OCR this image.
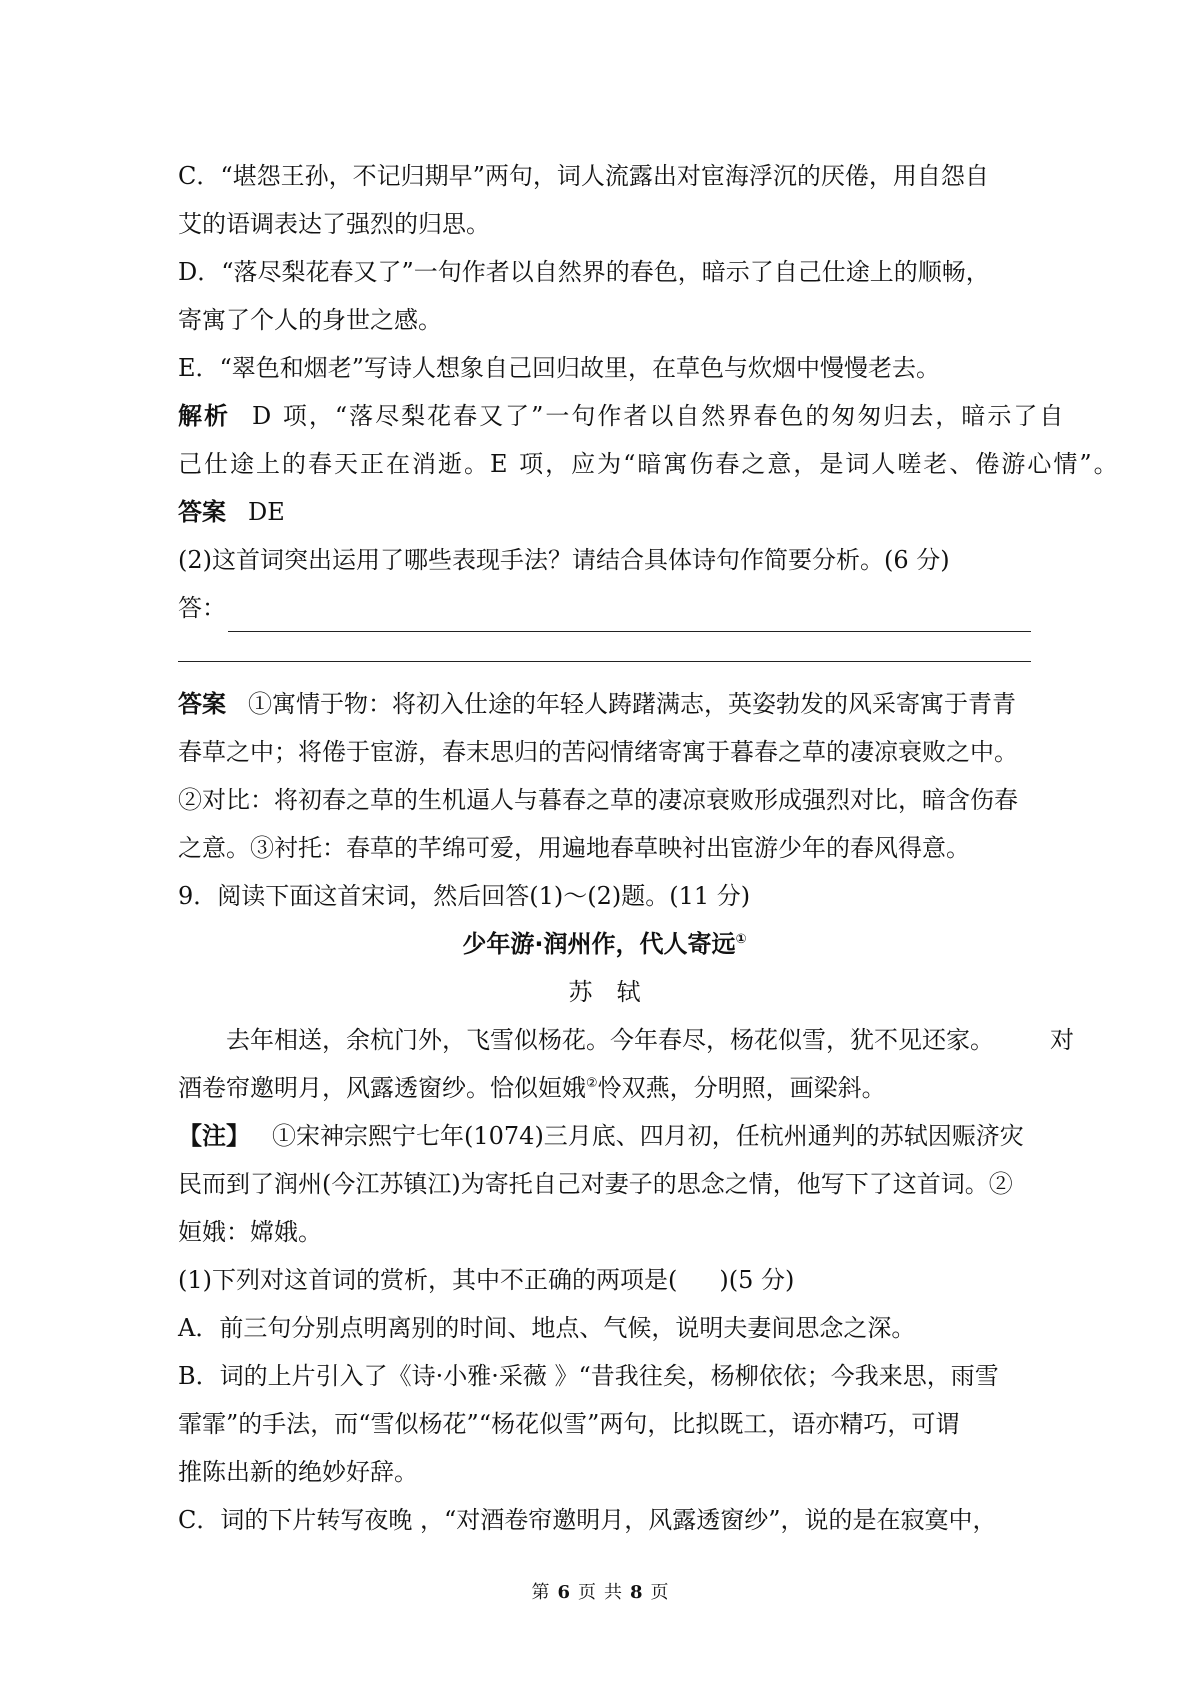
C．“堪怨王孙，不记归期早”两句，词人流露出对宦海浮沉的厌倦，用自怨自

艾的语调表达了强烈的归思。

D．“落尽梨花春又了”一句作者以自然界的春色，暗示了自己仕途上的顺畅，

寄寓了个人的身世之感。

E．“翠色和烟老”写诗人想象自己回归故里，在草色与炊烟中慢慢老去。

解析 D 项，“落尽梨花春又了”一句作者以自然界春色的匆匆归去，暗示了自

己仕途上的春天正在消逝。E 项，应为“暗寓伤春之意，是词人嗟老、倦游心情”。

答案 DE

(2)这首词突出运用了哪些表现手法？请结合具体诗句作简要分析。(6 分)

答：

答案 ①寓情于物：将初入仕途的年轻人踌躇满志，英姿勃发的风采寄寓于青青

春草之中；将倦于宦游，春末思归的苦闷情绪寄寓于暮春之草的凄凉衰败之中。

②对比：将初春之草的生机逼人与暮春之草的凄凉衰败形成强烈对比，暗含伤春

之意。③衬托：春草的芊绵可爱，用遍地春草映衬出宦游少年的春风得意。

9．阅读下面这首宋词，然后回答(1)～(2)题。(11 分)

少年游·润州作，代人寄远①

苏　轼

去年相送，余杭门外，飞雪似杨花。今年春尽，杨花似雪，犹不见还家。 对

酒卷帘邀明月，风露透窗纱。恰似姮娥②怜双燕，分明照，画梁斜。

【注】 ①宋神宗熙宁七年(1074)三月底、四月初，任杭州通判的苏轼因赈济灾

民而到了润州(今江苏镇江)为寄托自己对妻子的思念之情，他写下了这首词。②

姮娥：嫦娥。

(1)下列对这首词的赏析，其中不正确的两项是( )(5 分)

A．前三句分别点明离别的时间、地点、气候，说明夫妻间思念之深。

B．词的上片引入了《诗·小雅·采薇 》“昔我往矣，杨柳依依；今我来思，雨雪

霏霏”的手法，而“雪似杨花”“杨花似雪”两句，比拟既工，语亦精巧，可谓

推陈出新的绝妙好辞。

C．词的下片转写夜晚 ，“对酒卷帘邀明月，风露透窗纱”，说的是在寂寞中，

第 6 页 共 8 页
